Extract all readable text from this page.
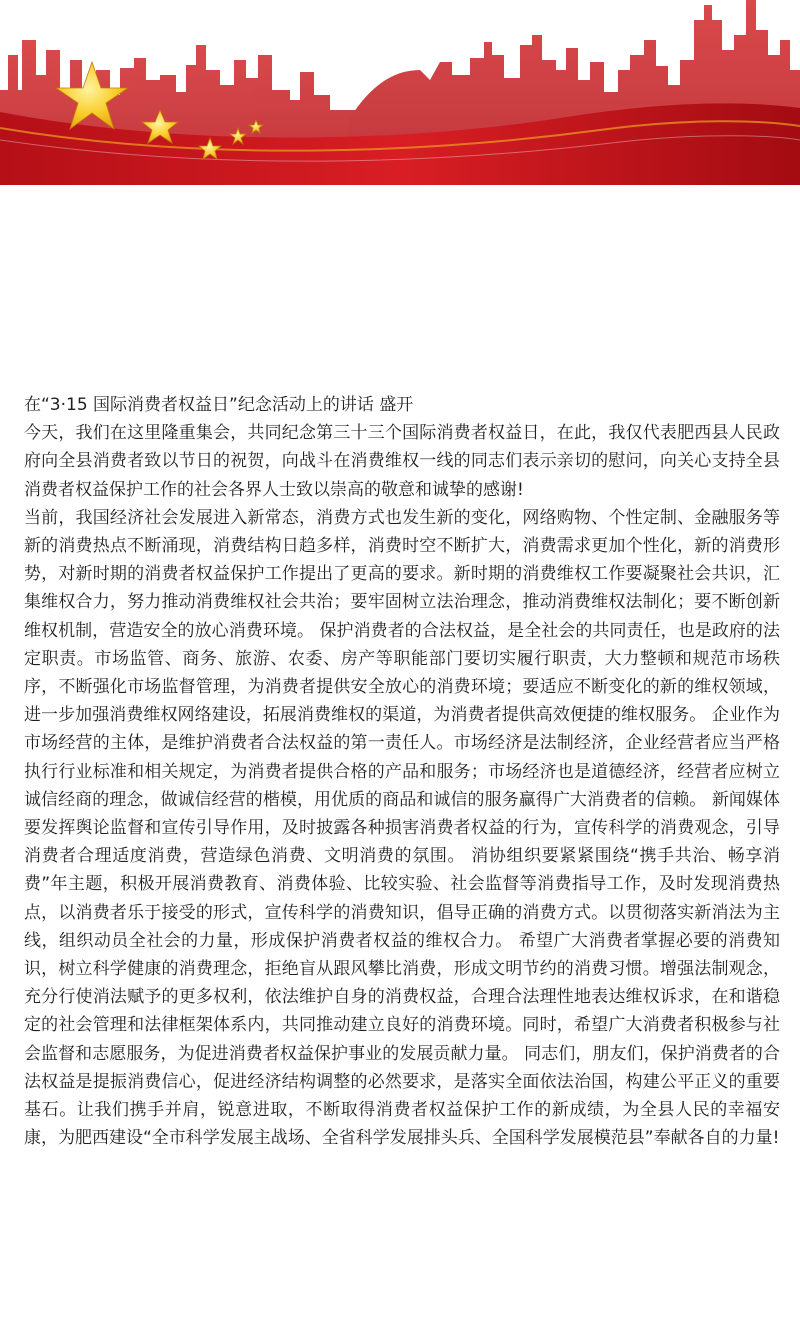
在“3·15 国际消费者权益日”纪念活动上的讲话 盛开

今天，我们在这里隆重集会，共同纪念第三十三个国际消费者权益日，在此，我仅代表肥西县人民政府向全县消费者致以节日的祝贺，向战斗在消费维权一线的同志们表示亲切的慰问，向关心支持全县消费者权益保护工作的社会各界人士致以崇高的敬意和诚挚的感谢!

当前，我国经济社会发展进入新常态，消费方式也发生新的变化，网络购物、个性定制、金融服务等新的消费热点不断涌现，消费结构日趋多样，消费时空不断扩大，消费需求更加个性化，新的消费形势，对新时期的消费者权益保护工作提出了更高的要求。新时期的消费维权工作要凝聚社会共识，汇集维权合力，努力推动消费维权社会共治；要牢固树立法治理念，推动消费维权法制化；要不断创新维权机制，营造安全的放心消费环境。 保护消费者的合法权益，是全社会的共同责任，也是政府的法定职责。市场监管、商务、旅游、农委、房产等职能部门要切实履行职责，大力整顿和规范市场秩序，不断强化市场监督管理，为消费者提供安全放心的消费环境；要适应不断变化的新的维权领域，进一步加强消费维权网络建设，拓展消费维权的渠道，为消费者提供高效便捷的维权服务。 企业作为市场经营的主体，是维护消费者合法权益的第一责任人。市场经济是法制经济，企业经营者应当严格执行行业标准和相关规定，为消费者提供合格的产品和服务；市场经济也是道德经济，经营者应树立诚信经商的理念，做诚信经营的楷模，用优质的商品和诚信的服务赢得广大消费者的信赖。 新闻媒体要发挥舆论监督和宣传引导作用，及时披露各种损害消费者权益的行为，宣传科学的消费观念，引导消费者合理适度消费，营造绿色消费、文明消费的氛围。 消协组织要紧紧围绕“携手共治、畅享消费”年主题，积极开展消费教育、消费体验、比较实验、社会监督等消费指导工作，及时发现消费热点，以消费者乐于接受的形式，宣传科学的消费知识，倡导正确的消费方式。以贯彻落实新消法为主线，组织动员全社会的力量，形成保护消费者权益的维权合力。 希望广大消费者掌握必要的消费知识，树立科学健康的消费理念，拒绝盲从跟风攀比消费，形成文明节约的消费习惯。增强法制观念，充分行使消法赋予的更多权利，依法维护自身的消费权益，合理合法理性地表达维权诉求，在和谐稳定的社会管理和法律框架体系内，共同推动建立良好的消费环境。同时，希望广大消费者积极参与社会监督和志愿服务，为促进消费者权益保护事业的发展贡献力量。 同志们，朋友们，保护消费者的合法权益是提振消费信心，促进经济结构调整的必然要求，是落实全面依法治国，构建公平正义的重要基石。让我们携手并肩，锐意进取，不断取得消费者权益保护工作的新成绩，为全县人民的幸福安康，为肥西建设“全市科学发展主战场、全省科学发展排头兵、全国科学发展模范县”奉献各自的力量!
